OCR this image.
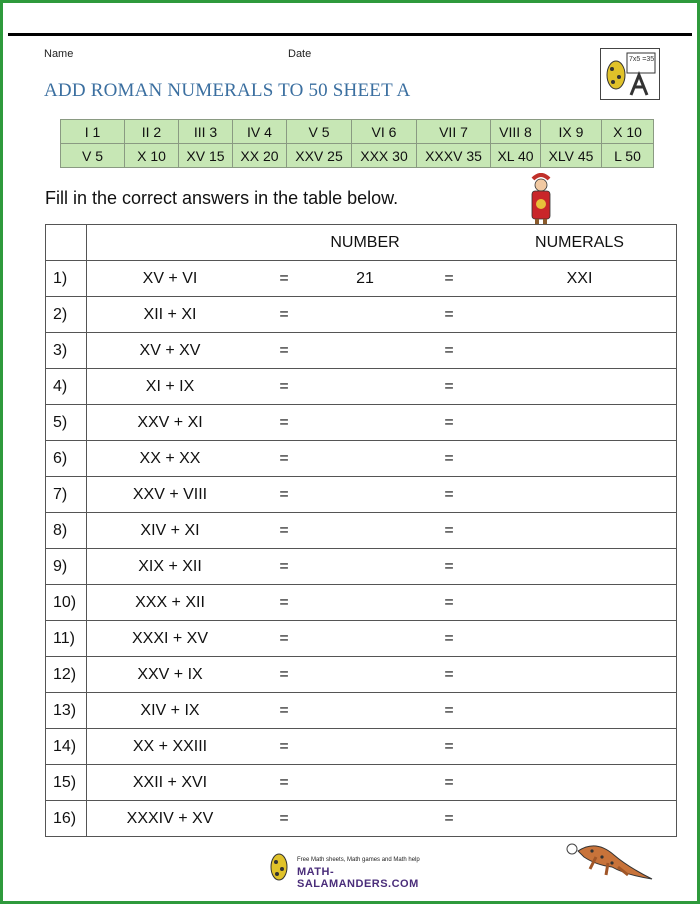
Name	Date
ADD ROMAN NUMERALS TO 50 SHEET A
7x5 =35
I 1	II 2	III 3	IV 4	V 5	VI 6	VII 7	VIII 8	IX 9	X 10
V 5	X 10	XV 15	XX 20	XXV 25	XXX 30	XXXV 35	XL 40	XLV 45	L 50
Fill in the correct answers in the table below.
			NUMBER		NUMERALS
1)	XV + VI	=	21	=	XXI
2)	XII + XI	=		=	
3)	XV + XV	=		=	
4)	XI + IX	=		=	
5)	XXV + XI	=		=	
6)	XX + XX	=		=	
7)	XXV + VIII	=		=	
8)	XIV + XI	=		=	
9)	XIX + XII	=		=	
10)	XXX + XII	=		=	
11)	XXXI + XV	=		=	
12)	XXV + IX	=		=	
13)	XIV + IX	=		=	
14)	XX + XXIII	=		=	
15)	XXII + XVI	=		=	
16)	XXXIV + XV	=		=	
Free Math sheets, Math games and Math help
MATH-SALAMANDERS.COM
